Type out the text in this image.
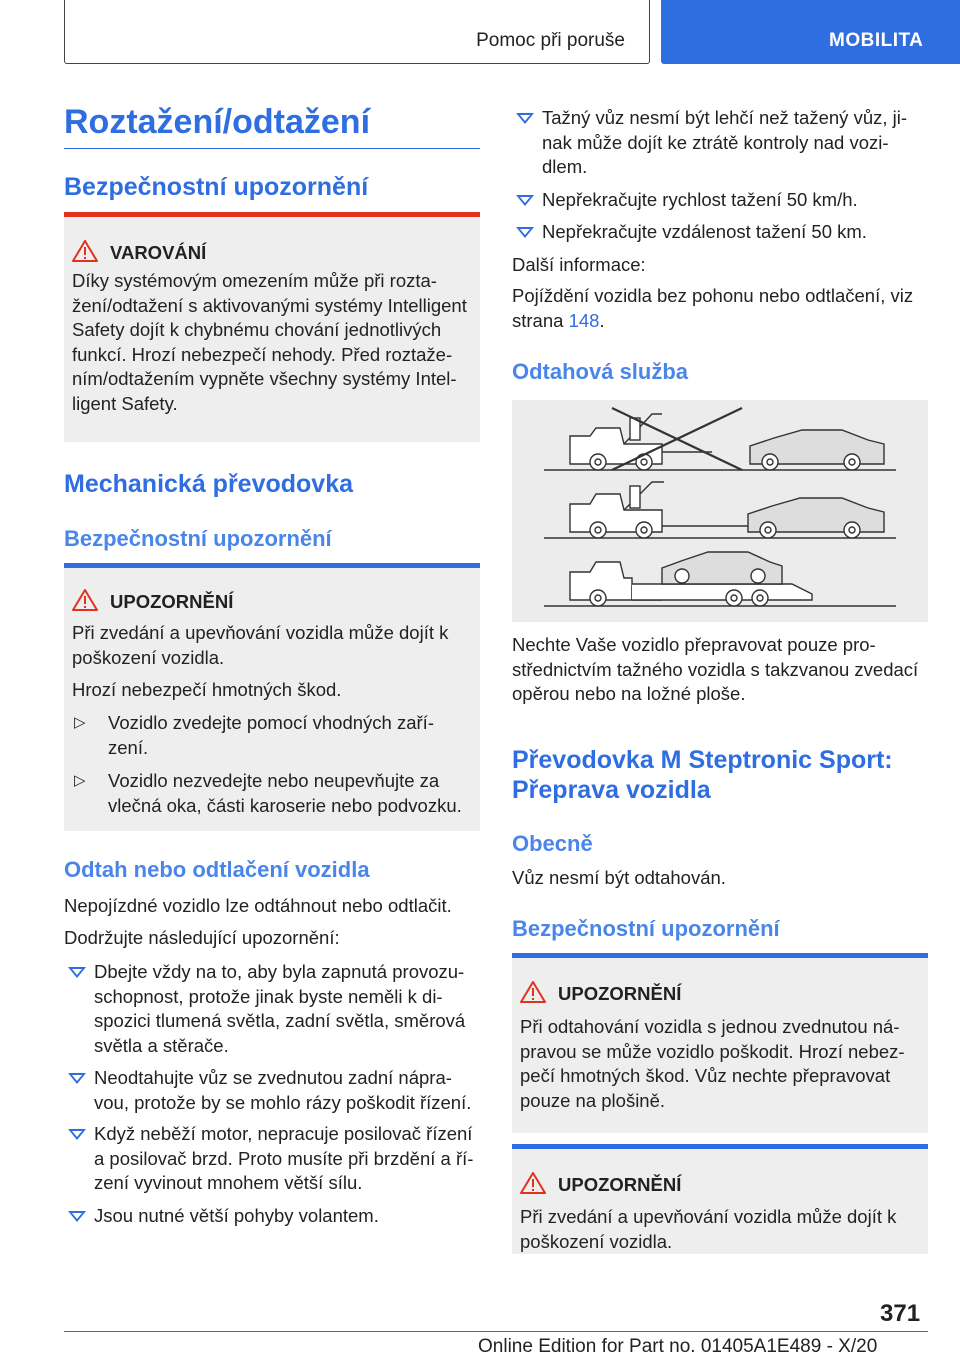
Pomoc při poruše	MOBILITA
Roztažení/odtažení
Bezpečnostní upozornění
VAROVÁNÍ
Díky systémovým omezením může při rozta-
žení/odtažení s aktivovanými systémy Intelligent
Safety dojít k chybnému chování jednotlivých
funkcí. Hrozí nebezpečí nehody. Před roztaže-
ním/odtažením vypněte všechny systémy Intel-
ligent Safety.
Mechanická převodovka
Bezpečnostní upozornění
UPOZORNĚNÍ
Při zvedání a upevňování vozidla může dojít k
poškození vozidla.
Hrozí nebezpečí hmotných škod.
▷ Vozidlo zvedejte pomocí vhodných zaří-
zení.
▷ Vozidlo nezvedejte nebo neupevňujte za
vlečná oka, části karoserie nebo podvozku.
Odtah nebo odtlačení vozidla
Nepojízdné vozidlo lze odtáhnout nebo odtlačit.
Dodržujte následující upozornění:
Dbejte vždy na to, aby byla zapnutá provozu-
schopnost, protože jinak byste neměli k di-
spozici tlumená světla, zadní světla, směrová
světla a stěrače.
Neodtahujte vůz se zvednutou zadní nápra-
vou, protože by se mohlo rázy poškodit řízení.
Když neběží motor, nepracuje posilovač řízení
a posilovač brzd. Proto musíte při brzdění a ří-
zení vyvinout mnohem větší sílu.
Jsou nutné větší pohyby volantem.
Tažný vůz nesmí být lehčí než tažený vůz, ji-
nak může dojít ke ztrátě kontroly nad vozi-
dlem.
Nepřekračujte rychlost tažení 50 km/h.
Nepřekračujte vzdálenost tažení 50 km.
Další informace:
Pojíždění vozidla bez pohonu nebo odtlačení, viz
strana 148.
Odtahová služba
Nechte Vaše vozidlo přepravovat pouze pro-
střednictvím tažného vozidla s takzvanou zvedací
opěrou nebo na ložné ploše.
Převodovka M Steptronic Sport:
Přeprava vozidla
Obecně
Vůz nesmí být odtahován.
Bezpečnostní upozornění
UPOZORNĚNÍ
Při odtahování vozidla s jednou zvednutou ná-
pravou se může vozidlo poškodit. Hrozí nebez-
pečí hmotných škod. Vůz nechte přepravovat
pouze na plošině.
UPOZORNĚNÍ
Při zvedání a upevňování vozidla může dojít k
poškození vozidla.
371
Online Edition for Part no. 01405A1E489 - X/20
